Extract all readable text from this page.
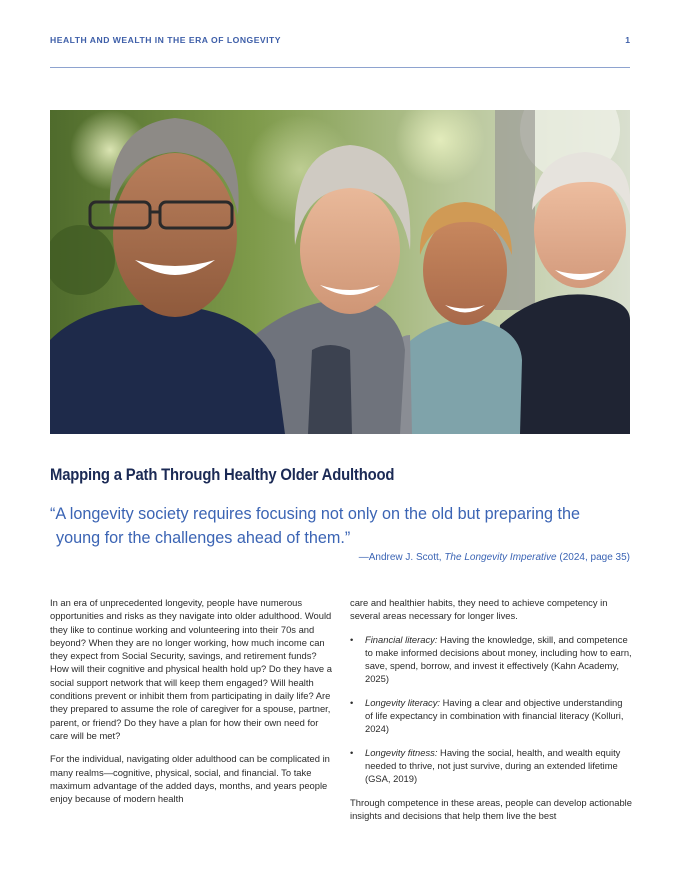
HEALTH AND WEALTH IN THE ERA OF LONGEVITY	1
Mapping a Path Through Healthy Older Adulthood
“A longevity society requires focusing not only on the old but preparing the
young for the challenges ahead of them.”
—Andrew J. Scott, The Longevity Imperative (2024, page 35)

In an era of unprecedented longevity, people have numerous opportunities and risks as they navigate into older adulthood. Would they like to continue working and volunteering into their 70s and beyond? When they are no longer working, how much income can they expect from Social Security, savings, and retirement funds? How will their cognitive and physical health hold up? Do they have a social support network that will keep them engaged? Will health conditions prevent or inhibit them from participating in daily life? Are they prepared to assume the role of caregiver for a spouse, partner, parent, or friend? Do they have a plan for how their own need for care will be met?

For the individual, navigating older adulthood can be complicated in many realms—cognitive, physical, social, and financial. To take maximum advantage of the added days, months, and years people enjoy because of modern health

care and healthier habits, they need to achieve competency in several areas necessary for longer lives.

• Financial literacy: Having the knowledge, skill, and competence to make informed decisions about money, including how to earn, save, spend, borrow, and invest it effectively (Kahn Academy, 2025)
• Longevity literacy: Having a clear and objective understanding of life expectancy in combination with financial literacy (Kolluri, 2024)
• Longevity fitness: Having the social, health, and wealth equity needed to thrive, not just survive, during an extended lifetime (GSA, 2019)

Through competence in these areas, people can develop actionable insights and decisions that help them live the best
